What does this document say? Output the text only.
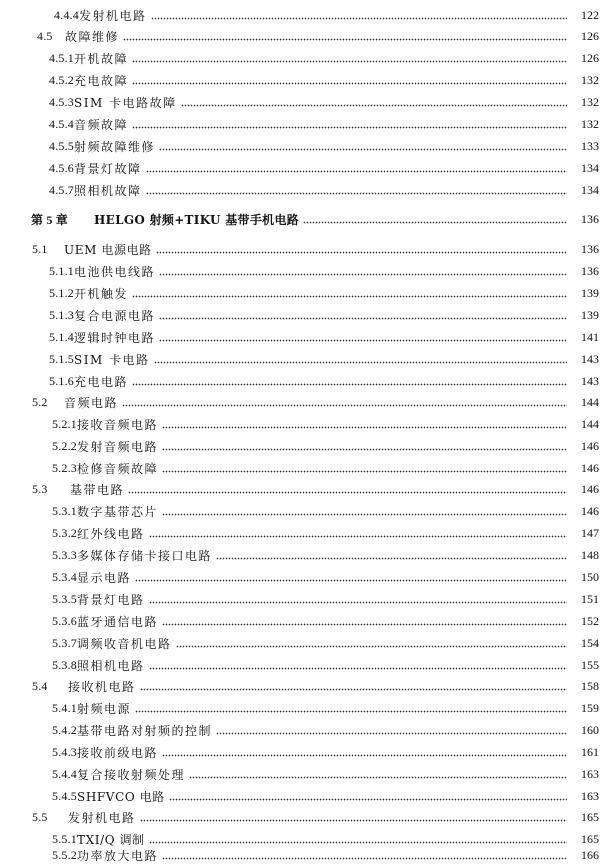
4.4.4 发射机电路	122
4.5	故障维修	126
4.5.1 开机故障	126
4.5.2 充电故障	132
4.5.3 SIM 卡电路故障	132
4.5.4 音频故障	132
4.5.5 射频故障维修	133
4.5.6 背景灯故障	134
4.5.7 照相机故障	134
第 5 章	HELGO 射频+TIKU 基带手机电路	136
5.1	UEM 电源电路	136
5.1.1 电池供电线路	136
5.1.2 开机触发	139
5.1.3 复合电源电路	139
5.1.4 逻辑时钟电路	141
5.1.5 SIM 卡电路	143
5.1.6 充电电路	143
5.2	音频电路	144
5.2.1 接收音频电路	144
5.2.2 发射音频电路	146
5.2.3 检修音频故障	146
5.3	基带电路	146
5.3.1 数字基带芯片	146
5.3.2 红外线电路	147
5.3.3 多媒体存储卡接口电路	148
5.3.4 显示电路	150
5.3.5 背景灯电路	151
5.3.6 蓝牙通信电路	152
5.3.7 调频收音机电路	154
5.3.8 照相机电路	155
5.4	接收机电路	158
5.4.1 射频电源	159
5.4.2 基带电路对射频的控制	160
5.4.3 接收前级电路	161
5.4.4 复合接收射频处理	163
5.4.5 SHFVCO 电路	163
5.5	发射机电路	165
5.5.1 TXI/Q 调制	165
5.5.2 功率放大电路	166
